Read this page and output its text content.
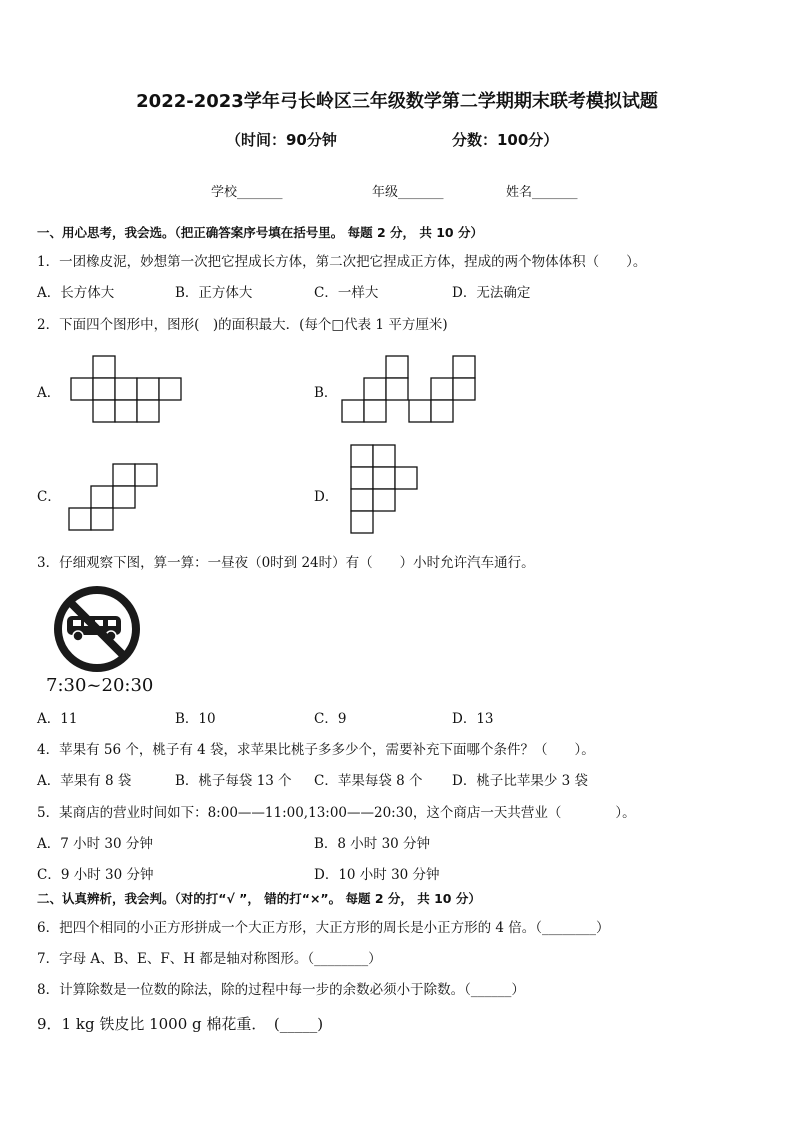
2022-2023学年弓长岭区三年级数学第二学期期末联考模拟试题
（时间：90分钟	分数：100分）
学校_______	年级_______	姓名_______
一、用心思考，我会选。（把正确答案序号填在括号里。 每题 2 分， 共 10 分）
1．一团橡皮泥，妙想第一次把它捏成长方体，第二次把它捏成正方体，捏成的两个物体体积（　　）。
A．长方体大	B．正方体大	C．一样大	D．无法确定
2．下面四个图形中，图形(　)的面积最大．(每个□代表 1 平方厘米)
A．	B．
C．	D．
3．仔细观察下图，算一算：一昼夜（0时到 24时）有（　　）小时允许汽车通行。
7:30~20:30
A．11	B．10	C．9	D．13
4．苹果有 56 个，桃子有 4 袋，求苹果比桃子多多少个，需要补充下面哪个条件？（　　）。
A．苹果有 8 袋	B．桃子每袋 13 个 C．苹果每袋 8 个 D．桃子比苹果少 3 袋
5．某商店的营业时间如下：8:00——11:00,13:00——20:30，这个商店一天共营业（　　　　）。
A．7 小时 30 分钟	B．8 小时 30 分钟
C．9 小时 30 分钟	D．10 小时 30 分钟
二、认真辨析，我会判。（对的打“√ ”， 错的打“×”。 每题 2 分， 共 10 分）
6．把四个相同的小正方形拼成一个大正方形，大正方形的周长是小正方形的 4 倍。（________）
7．字母 A、B、E、F、H 都是轴对称图形。（________）
8．计算除数是一位数的除法，除的过程中每一步的余数必须小于除数。（______）
9．1 kg 铁皮比 1000 g 棉花重．　(_____)
